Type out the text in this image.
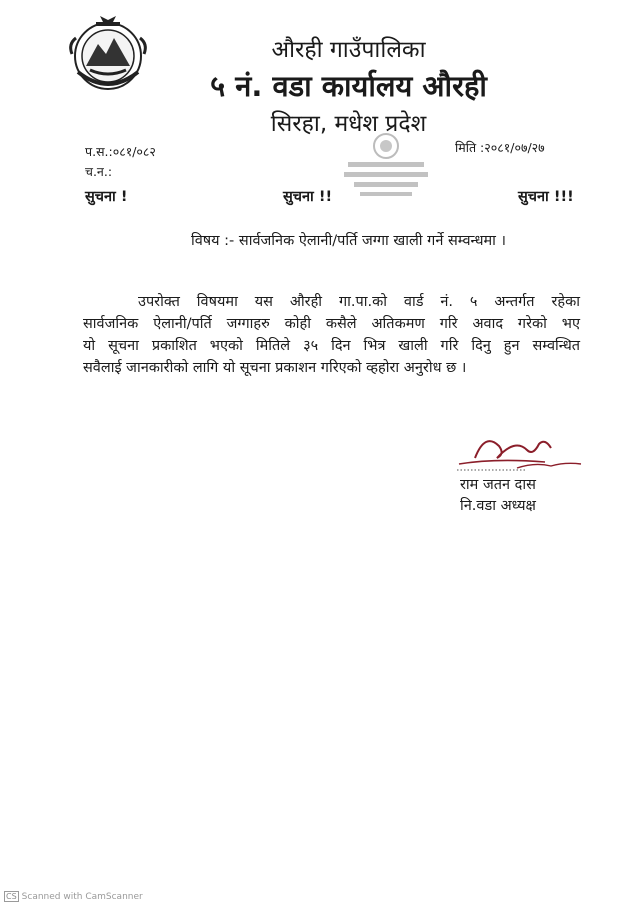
औरही गाउँपालिका
५ नं. वडा कार्यालय औरही
सिरहा, मधेश प्रदेश
प.स.:०८१/०८२
च.न.:
मिति :२०८१/०७/२७
सुचना !	सुचना !!	सुचना !!!
विषय :- सार्वजनिक ऐलानी/पर्ति जग्गा खाली गर्ने सम्वन्धमा ।
उपरोक्त विषयमा यस औरही गा.पा.को वार्ड नं. ५ अन्तर्गत रहेका
सार्वजनिक ऐलानी/पर्ति जग्गाहरु कोही कसैले अतिकमण गरि अवाद गरेको भए
यो सूचना प्रकाशित भएको मितिले ३५ दिन भित्र खाली गरि दिनु हुन सम्वन्धित
सवैलाई जानकारीको लागि यो सूचना प्रकाशन गरिएको व्हहोरा अनुरोध छ ।
राम जतन दास
नि.वडा अध्यक्ष
CS Scanned with CamScanner
